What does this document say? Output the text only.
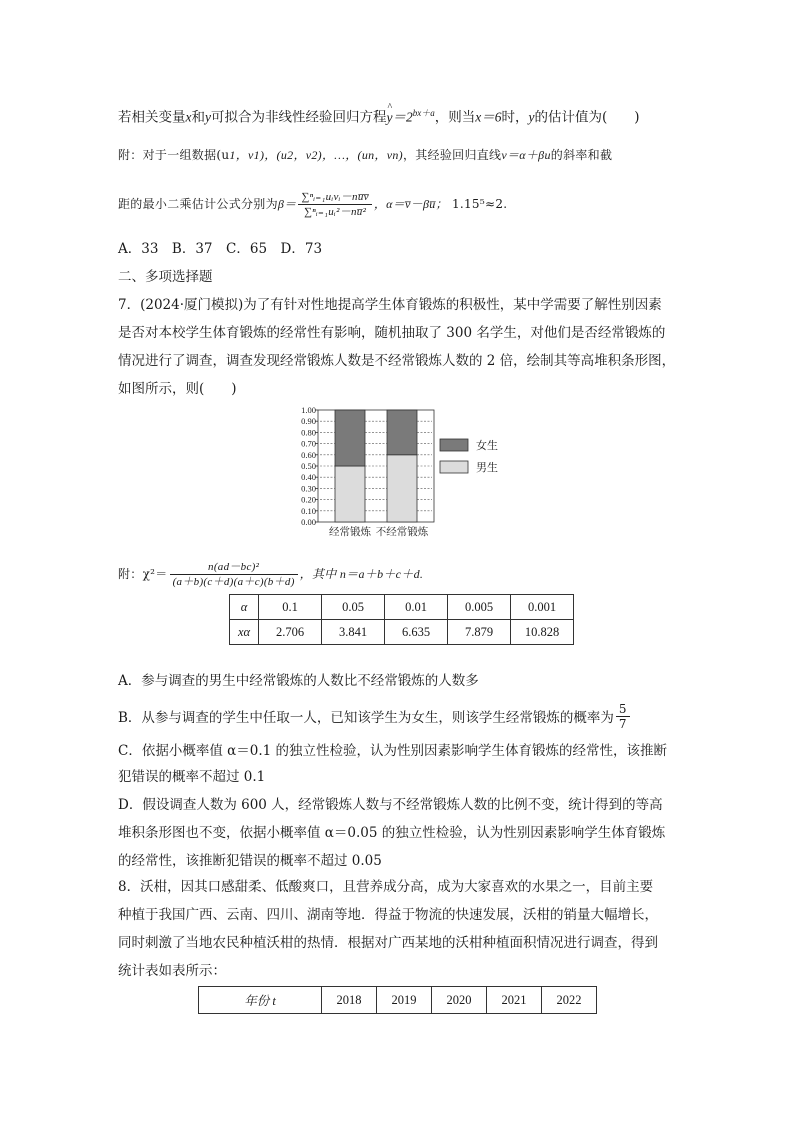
若相关变量x和y可拟合为非线性经验回归方程^ $y=2^{bx+a}$，则当x＝6时，y的估计值为(　　)
附：对于一组数据(u1，v1)，(u2，v2)，…，(un，vn)，其经验回归直线v＝α＋βu的斜率和截
距的最小二乘估计公式分别为$\beta= \frac{\text{∑ⁿᵢ₌₁uᵢvᵢ－nu̅v̅}}{\text{∑ⁿᵢ₌₁uᵢ²－nu̅²}}$ ，α＝v̅－βu̅； 1.15⁵≈2.
A．33　B．37　C．65　D．73
二、多项选择题
7．(2024·厦门模拟)为了有针对性地提高学生体育锻炼的积极性，某中学需要了解性别因素
是否对本校学生体育锻炼的经常性有影响，随机抽取了 300 名学生，对他们是否经常锻炼的
情况进行了调查，调查发现经常锻炼人数是不经常锻炼人数的 2 倍，绘制其等高堆积条形图，
如图所示，则(　　)
0.00
0.10
0.20
0.30
0.40
0.50
0.60
0.70
0.80
0.90
1.00
经常锻炼 不经常锻炼
女生
男生
附：$\chi^2= \frac{\text{n(ad－bc)²}}{(a+b)(c+d)(a+c)(b+d)}$ ，其中 n＝a＋b＋c＋d.
α	0.1	0.05	0.01	0.005	0.001
xα	2.706	3.841	6.635	7.879	10.828
A．参与调查的男生中经常锻炼的人数比不经常锻炼的人数多
B．从参与调查的学生中任取一人，已知该学生为女生，则该学生经常锻炼的概率为 $\frac{5}{7}$
C．依据小概率值 α＝0.1 的独立性检验，认为性别因素影响学生体育锻炼的经常性，该推断
犯错误的概率不超过 0.1
D．假设调查人数为 600 人，经常锻炼人数与不经常锻炼人数的比例不变，统计得到的等高
堆积条形图也不变，依据小概率值 α＝0.05 的独立性检验，认为性别因素影响学生体育锻炼
的经常性，该推断犯错误的概率不超过 0.05
8．沃柑，因其口感甜柔、低酸爽口，且营养成分高，成为大家喜欢的水果之一，目前主要
种植于我国广西、云南、四川、湖南等地．得益于物流的快速发展，沃柑的销量大幅增长，
同时刺激了当地农民种植沃柑的热情．根据对广西某地的沃柑种植面积情况进行调查，得到
统计表如表所示：
年份 t	2018	2019	2020	2021	2022
